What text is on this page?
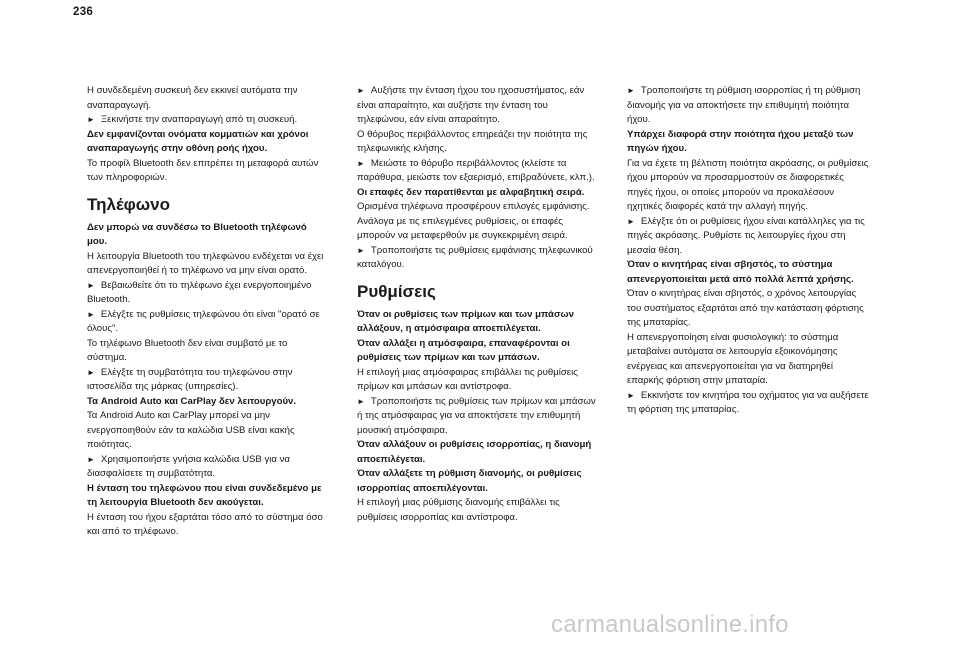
236

Η συνδεδεμένη συσκευή δεν εκκινεί αυτόματα την αναπαραγωγή.

► Ξεκινήστε την αναπαραγωγή από τη συσκευή.

Δεν εμφανίζονται ονόματα κομματιών και χρόνοι αναπαραγωγής στην οθόνη ροής ήχου.

Το προφίλ Bluetooth δεν επιτρέπει τη μεταφορά αυτών των πληροφοριών.

Τηλέφωνο

Δεν μπορώ να συνδέσω το Bluetooth τηλέφωνό μου.

Η λειτουργία Bluetooth του τηλεφώνου ενδέχεται να έχει απενεργοποιηθεί ή το τηλέφωνο να μην είναι ορατό.

► Βεβαιωθείτε ότι το τηλέφωνο έχει ενεργοποιημένο Bluetooth.

► Ελέγξτε τις ρυθμίσεις τηλεφώνου ότι είναι "ορατό σε όλους".

Το τηλέφωνο Bluetooth δεν είναι συμβατό με το σύστημα.

► Ελέγξτε τη συμβατότητα του τηλεφώνου στην ιστοσελίδα της μάρκας (υπηρεσίες).

Τα Android Auto και CarPlay δεν λειτουργούν.

Τα Android Auto και CarPlay μπορεί να μην ενεργοποιηθούν εάν τα καλώδια USB είναι κακής ποιότητας.

► Χρησιμοποιήστε γνήσια καλώδια USB για να διασφαλίσετε τη συμβατότητα.

Η ένταση του τηλεφώνου που είναι συνδεδεμένο με τη λειτουργία Bluetooth δεν ακούγεται.

Η ένταση του ήχου εξαρτάται τόσο από το σύστημα όσο και από το τηλέφωνο.

► Αυξήστε την ένταση ήχου του ηχοσυστήματος, εάν είναι απαραίτητο, και αυξήστε την ένταση του τηλεφώνου, εάν είναι απαραίτητο.

Ο θόρυβος περιβάλλοντος επηρεάζει την ποιότητα της τηλεφωνικής κλήσης.

► Μειώστε το θόρυβο περιβάλλοντος (κλείστε τα παράθυρα, μειώστε τον εξαερισμό, επιβραδύνετε, κλπ.).

Οι επαφές δεν παρατίθενται με αλφαβητική σειρά.

Ορισμένα τηλέφωνα προσφέρουν επιλογές εμφάνισης. Ανάλογα με τις επιλεγμένες ρυθμίσεις, οι επαφές μπορούν να μεταφερθούν με συγκεκριμένη σειρά.

► Τροποποιήστε τις ρυθμίσεις εμφάνισης τηλεφωνικού καταλόγου.

Ρυθμίσεις

Όταν οι ρυθμίσεις των πρίμων και των μπάσων αλλάξουν, η ατμόσφαιρα αποεπιλέγεται.

Όταν αλλάξει η ατμόσφαιρα, επαναφέρονται οι ρυθμίσεις των πρίμων και των μπάσων.

Η επιλογή μιας ατμόσφαιρας επιβάλλει τις ρυθμίσεις πρίμων και μπάσων και αντίστροφα.

► Τροποποιήστε τις ρυθμίσεις των πρίμων και μπάσων ή της ατμόσφαιρας για να αποκτήσετε την επιθυμητή μουσική ατμόσφαιρα.

Όταν αλλάξουν οι ρυθμίσεις ισορροπίας, η διανομή αποεπιλέγεται.

Όταν αλλάξετε τη ρύθμιση διανομής, οι ρυθμίσεις ισορροπίας αποεπιλέγονται.

Η επιλογή μιας ρύθμισης διανομής επιβάλλει τις ρυθμίσεις ισορροπίας και αντίστροφα.

► Τροποποιήστε τη ρύθμιση ισορροπίας ή τη ρύθμιση διανομής για να αποκτήσετε την επιθυμητή ποιότητα ήχου.

Υπάρχει διαφορά στην ποιότητα ήχου μεταξύ των πηγών ήχου.

Για να έχετε τη βέλτιστη ποιότητα ακρόασης, οι ρυθμίσεις ήχου μπορούν να προσαρμοστούν σε διαφορετικές πηγές ήχου, οι οποίες μπορούν να προκαλέσουν ηχητικές διαφορές κατά την αλλαγή πηγής.

► Ελέγξτε ότι οι ρυθμίσεις ήχου είναι κατάλληλες για τις πηγές ακρόασης. Ρυθμίστε τις λειτουργίες ήχου στη μεσαία θέση.

Όταν ο κινητήρας είναι σβηστός, το σύστημα απενεργοποιείται μετά από πολλά λεπτά χρήσης.

Όταν ο κινητήρας είναι σβηστός, ο χρόνος λειτουργίας του συστήματος εξαρτάται από την κατάσταση φόρτισης της μπαταρίας.

Η απενεργοποίηση είναι φυσιολογική: το σύστημα μεταβαίνει αυτόματα σε λειτουργία εξοικονόμησης ενέργειας και απενεργοποιείται για να διατηρηθεί επαρκής φόρτιση στην μπαταρία.

► Εκκινήστε τον κινητήρα του οχήματος για να αυξήσετε τη φόρτιση της μπαταρίας.

carmanualsonline.info
